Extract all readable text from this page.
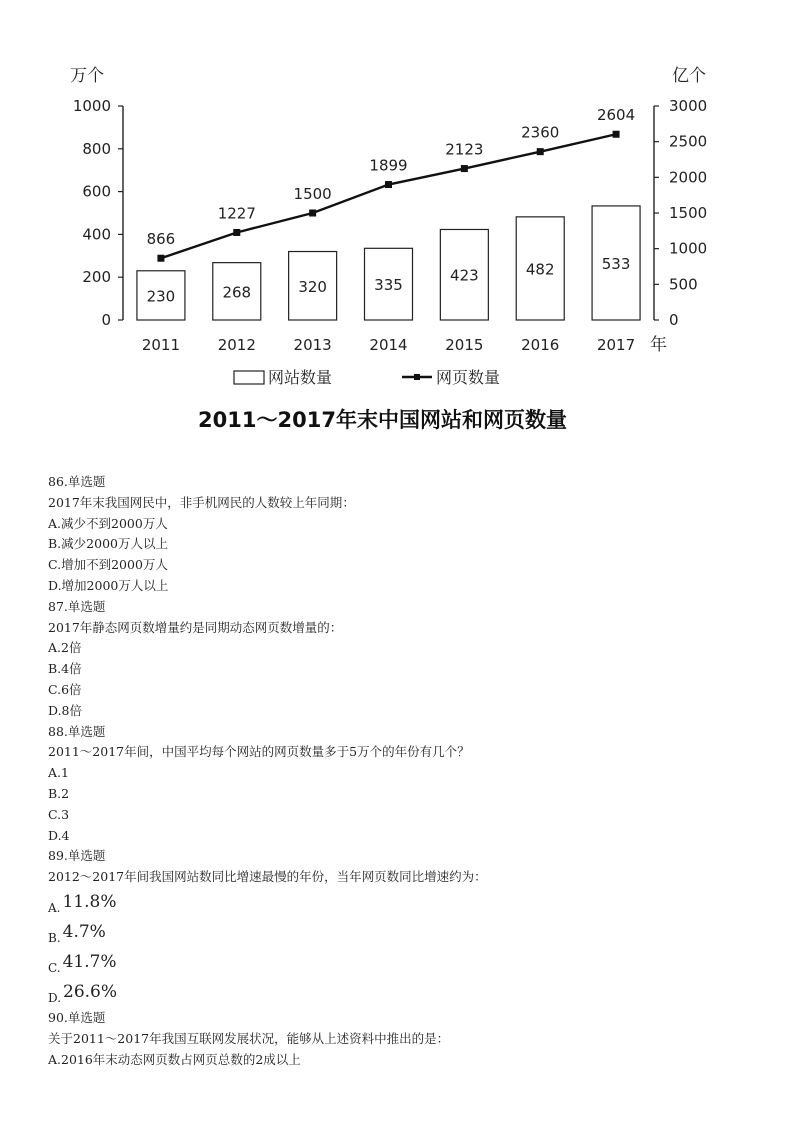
0
200
400
600
800
1000
0
500
1000
1500
2000
2500
3000
万个	亿个
230	268	320	335
423	482	533
866
1227
1500
1899
2123
2360
2604
2011	2012	2013	2014	2015	2016	2017 年
网站数量	网页数量
2011～2017年末中国网站和网页数量
86.单选题
2017年末我国网民中，非手机网民的人数较上年同期：
A.减少不到2000万人
B.减少2000万人以上
C.增加不到2000万人
D.增加2000万人以上
87.单选题
2017年静态网页数增量约是同期动态网页数增量的：
A.2倍
B.4倍
C.6倍
D.8倍
88.单选题
2011～2017年间，中国平均每个网站的网页数量多于5万个的年份有几个？
A.1
B.2
C.3
D.4
89.单选题
2012～2017年间我国网站数同比增速最慢的年份，当年网页数同比增速约为：
A. 11.8%
B. 4.7%
C. 41.7%
D. 26.6%
90.单选题
关于2011～2017年我国互联网发展状况，能够从上述资料中推出的是：
A.2016年末动态网页数占网页总数的2成以上
